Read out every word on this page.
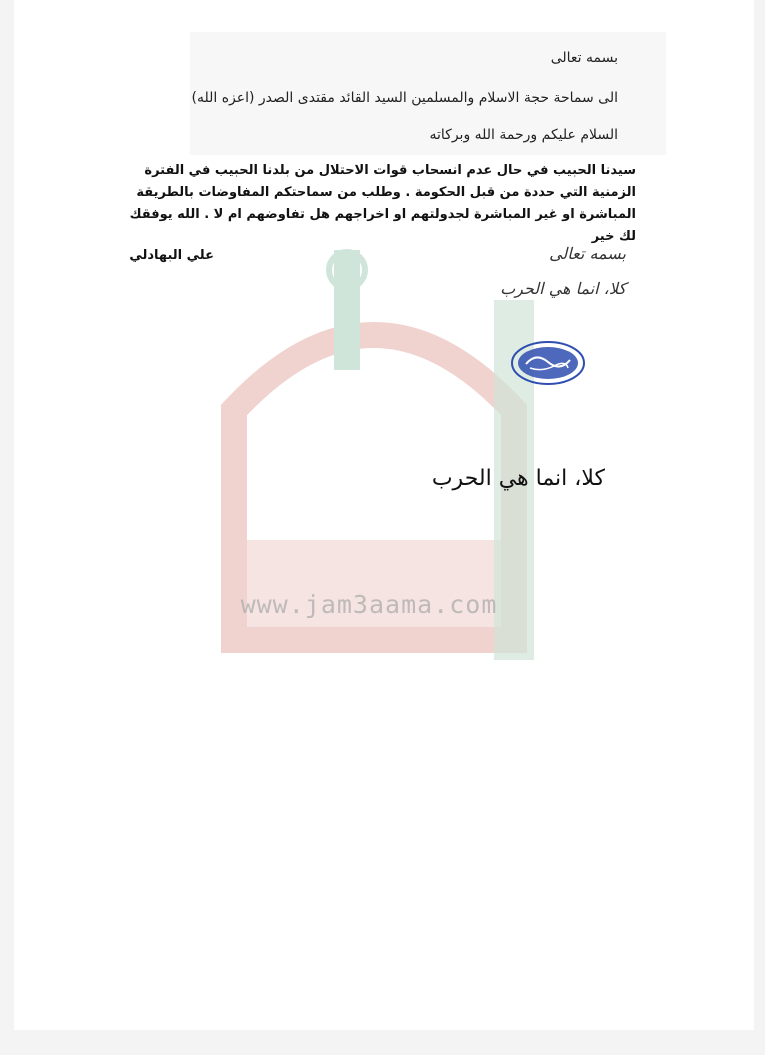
www.jam3aama.com
بسمه تعالى
الى سماحة حجة الاسلام والمسلمين السيد القائد مقتدى الصدر (اعزه الله)
السلام عليكم ورحمة الله وبركاته
سيدنا الحبيب في حال عدم انسحاب قوات الاحتلال من بلدنا الحبيب في الفترة الزمنية التي حددة من قبل الحكومة . وطلب من سماحتكم المفاوضات بالطريقة المباشرة او غير المباشرة لجدولتهم او اخراجهم هل تفاوضهم ام لا . الله يوفقك لك خير
علي البهادلي	بسمه تعالى
كلا، انما هي الحرب
كلا، انما هي الحرب
